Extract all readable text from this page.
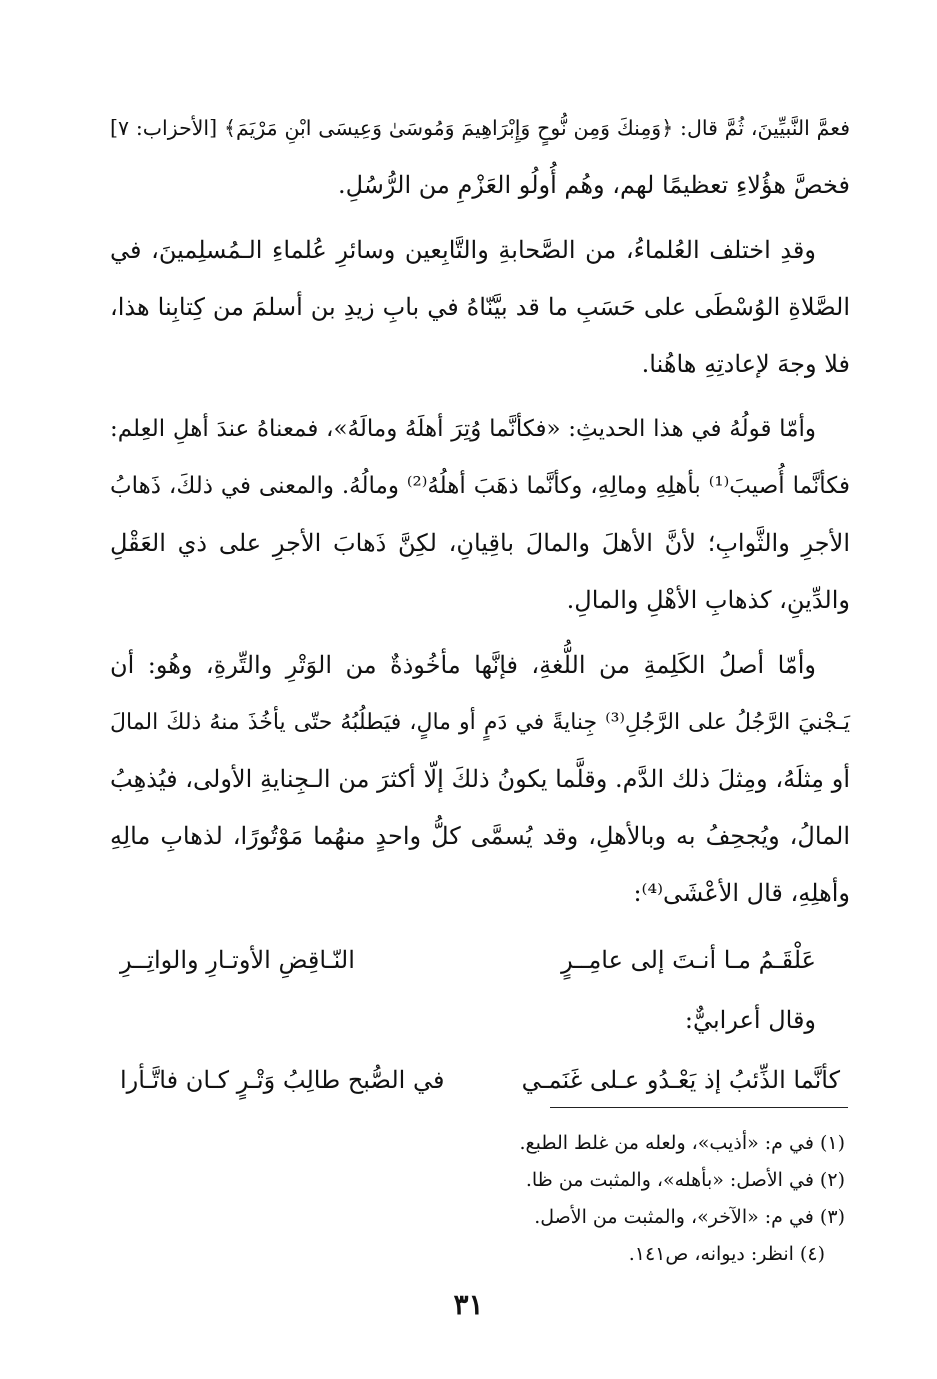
فعمَّ النَّبيِّينَ، ثُمَّ قال: ﴿وَمِنكَ وَمِن نُّوحٍ وَإِبْرَاهِيمَ وَمُوسَىٰ وَعِيسَى ابْنِ مَرْيَمَ﴾ [الأحزاب: ٧]
فخصَّ هؤُلاءِ تعظيمًا لهم، وهُم أُولُو العَزْمِ من الرُّسُلِ.
وقدِ اختلف العُلماءُ، من الصَّحابةِ والتَّابِعين وسائرِ عُلماءِ الـمُسلِمينَ، في
الصَّلاةِ الوُسْطَى على حَسَبِ ما قد بيَّنّاهُ في بابِ زيدِ بن أسلمَ من كِتابِنا هذا،
فلا وجهَ لإعادتِهِ هاهُنا.
وأمّا قولُهُ في هذا الحديثِ: «فكأنَّما وُتِرَ أهلَهُ ومالَهُ»، فمعناهُ عندَ أهلِ العِلم:
فكأنَّما أُصيبَ⁽¹⁾ بأهلِهِ ومالِهِ، وكأنَّما ذهَبَ أهلُهُ⁽²⁾ ومالُهُ. والمعنى في ذلكَ، ذَهابُ
الأجرِ والثَّوابِ؛ لأنَّ الأهلَ والمالَ باقِيانِ، لكِنَّ ذَهابَ الأجرِ على ذي العَقْلِ
والدِّينِ، كذهابِ الأهْلِ والمالِ.
وأمّا أصلُ الكَلِمةِ من اللُّغةِ، فإنَّها مأخُوذةٌ من الوَتْرِ والتِّرةِ، وهُو: أن
يَـجْنيَ الرَّجُلُ على الرَّجُلِ⁽³⁾ جِنايةً في دَمٍ أو مالٍ، فيَطلُبُهُ حتّى يأخُذَ منهُ ذلكَ المالَ
أو مِثلَهُ، ومِثلَ ذلك الدَّم. وقلَّما يكونُ ذلكَ إلّا أكثرَ من الـجِنايةِ الأولى، فيُذهِبُ
المالُ، ويُجحِفُ به وبالأهلِ، وقد يُسمَّى كلُّ واحدٍ منهُما مَوْتُورًا، لذهابِ مالِهِ
وأهلِهِ، قال الأعْشَى⁽⁴⁾:
عَلْقَـمُ مـا أنـتَ إلى عامِــرٍ
النّـاقِضِ الأوتـارِ والواتِــرِ
وقال أعرابيٌّ:
كأنَّما الذِّئبُ إذ يَعْـدُو عـلى غَنَمـي
في الصُّبح طالِبُ وَتْـرٍ كـان فاتَّـأرا
(١) في م: «أذيب»، ولعله من غلط الطبع.
(٢) في الأصل: «بأهله»، والمثبت من ظا.
(٣) في م: «الآخر»، والمثبت من الأصل.
(٤) انظر: ديوانه، ص١٤١.
٣١
